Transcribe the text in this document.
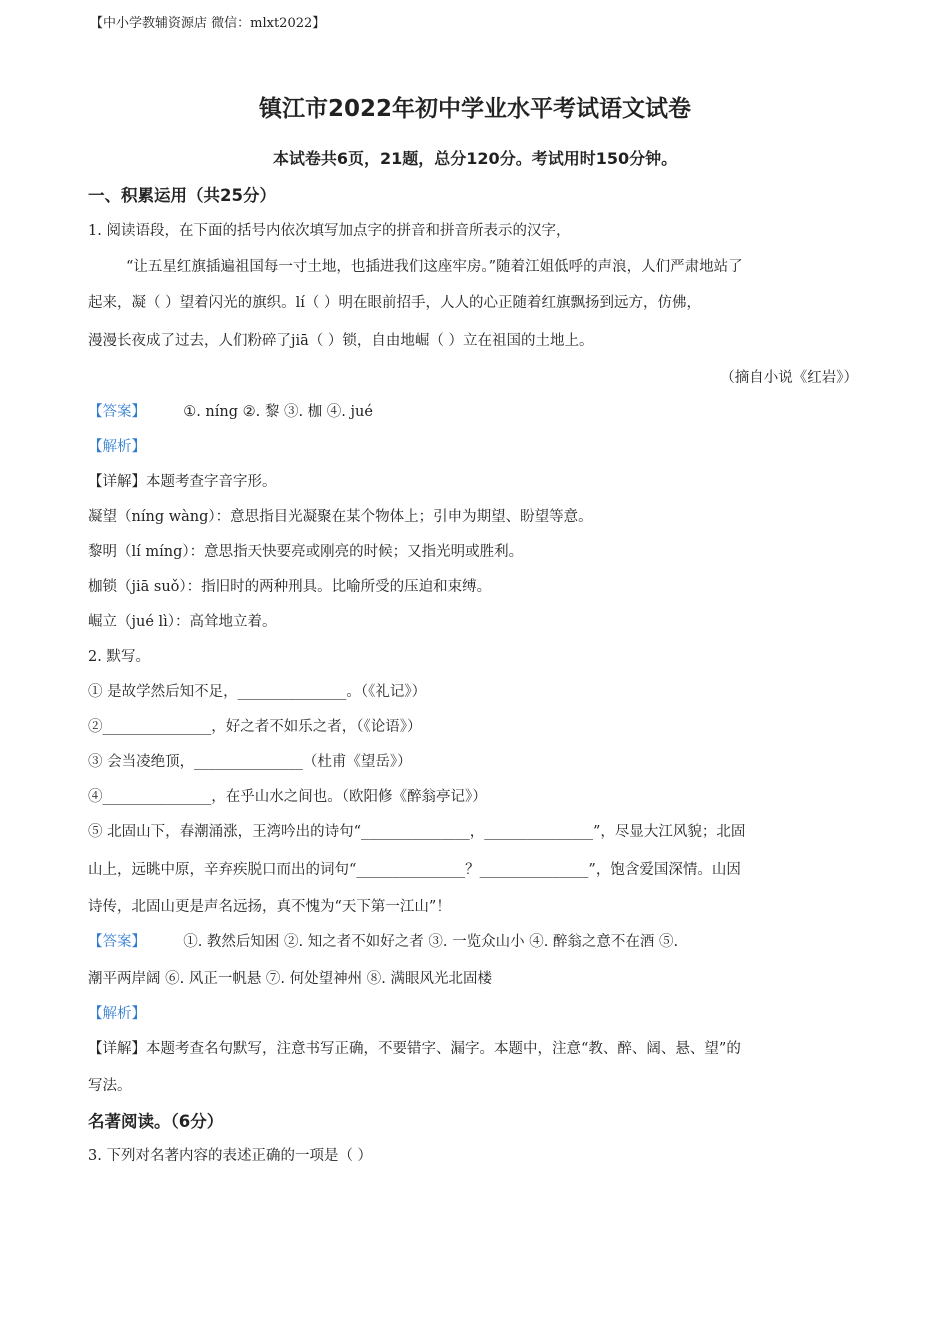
【中小学教辅资源店 微信：mlxt2022】
镇江市2022年初中学业水平考试语文试卷
本试卷共6页，21题，总分120分。考试用时150分钟。
一、积累运用（共25分）
1. 阅读语段，在下面的括号内依次填写加点字的拼音和拼音所表示的汉字，
“让五星红旗插遍祖国每一寸土地，也插进我们这座牢房。”随着江姐低呼的声浪，人们严肃地站了
起来，凝（ ）望着闪光的旗织。lí（ ）明在眼前招手，人人的心正随着红旗飘扬到远方，仿佛，
漫漫长夜成了过去，人们粉碎了jiā（ ）锁，自由地崛（ ）立在祖国的土地上。
（摘自小说《红岩》）
【答案】	①. níng ②. 黎 ③. 枷 ④. jué
【解析】
【详解】本题考查字音字形。
凝望（níng wàng）：意思指目光凝聚在某个物体上；引申为期望、盼望等意。
黎明（lí míng）：意思指天快要亮或刚亮的时候；又指光明或胜利。
枷锁（jiā suǒ）：指旧时的两种刑具。比喻所受的压迫和束缚。
崛立（jué lì）：高耸地立着。
2. 默写。
① 是故学然后知不足，_______________。（《礼记》）
②_______________，好之者不如乐之者，（《论语》）
③ 会当凌绝顶，_______________（杜甫《望岳》）
④_______________，在乎山水之间也。（欧阳修《醉翁亭记》）
⑤ 北固山下，春潮涌涨，王湾吟出的诗句“_______________，_______________”，尽显大江风貌；北固
山上，远眺中原，辛弃疾脱口而出的词句“_______________？_______________”，饱含爱国深情。山因
诗传，北固山更是声名远扬，真不愧为“天下第一江山”！
【答案】	①. 教然后知困 ②. 知之者不如好之者 ③. 一览众山小 ④. 醉翁之意不在酒 ⑤.
潮平两岸阔 ⑥. 风正一帆悬 ⑦. 何处望神州 ⑧. 满眼风光北固楼
【解析】
【详解】本题考查名句默写，注意书写正确，不要错字、漏字。本题中，注意“教、醉、阔、悬、望”的
写法。
名著阅读。（6分）
3. 下列对名著内容的表述正确的一项是（ ）
